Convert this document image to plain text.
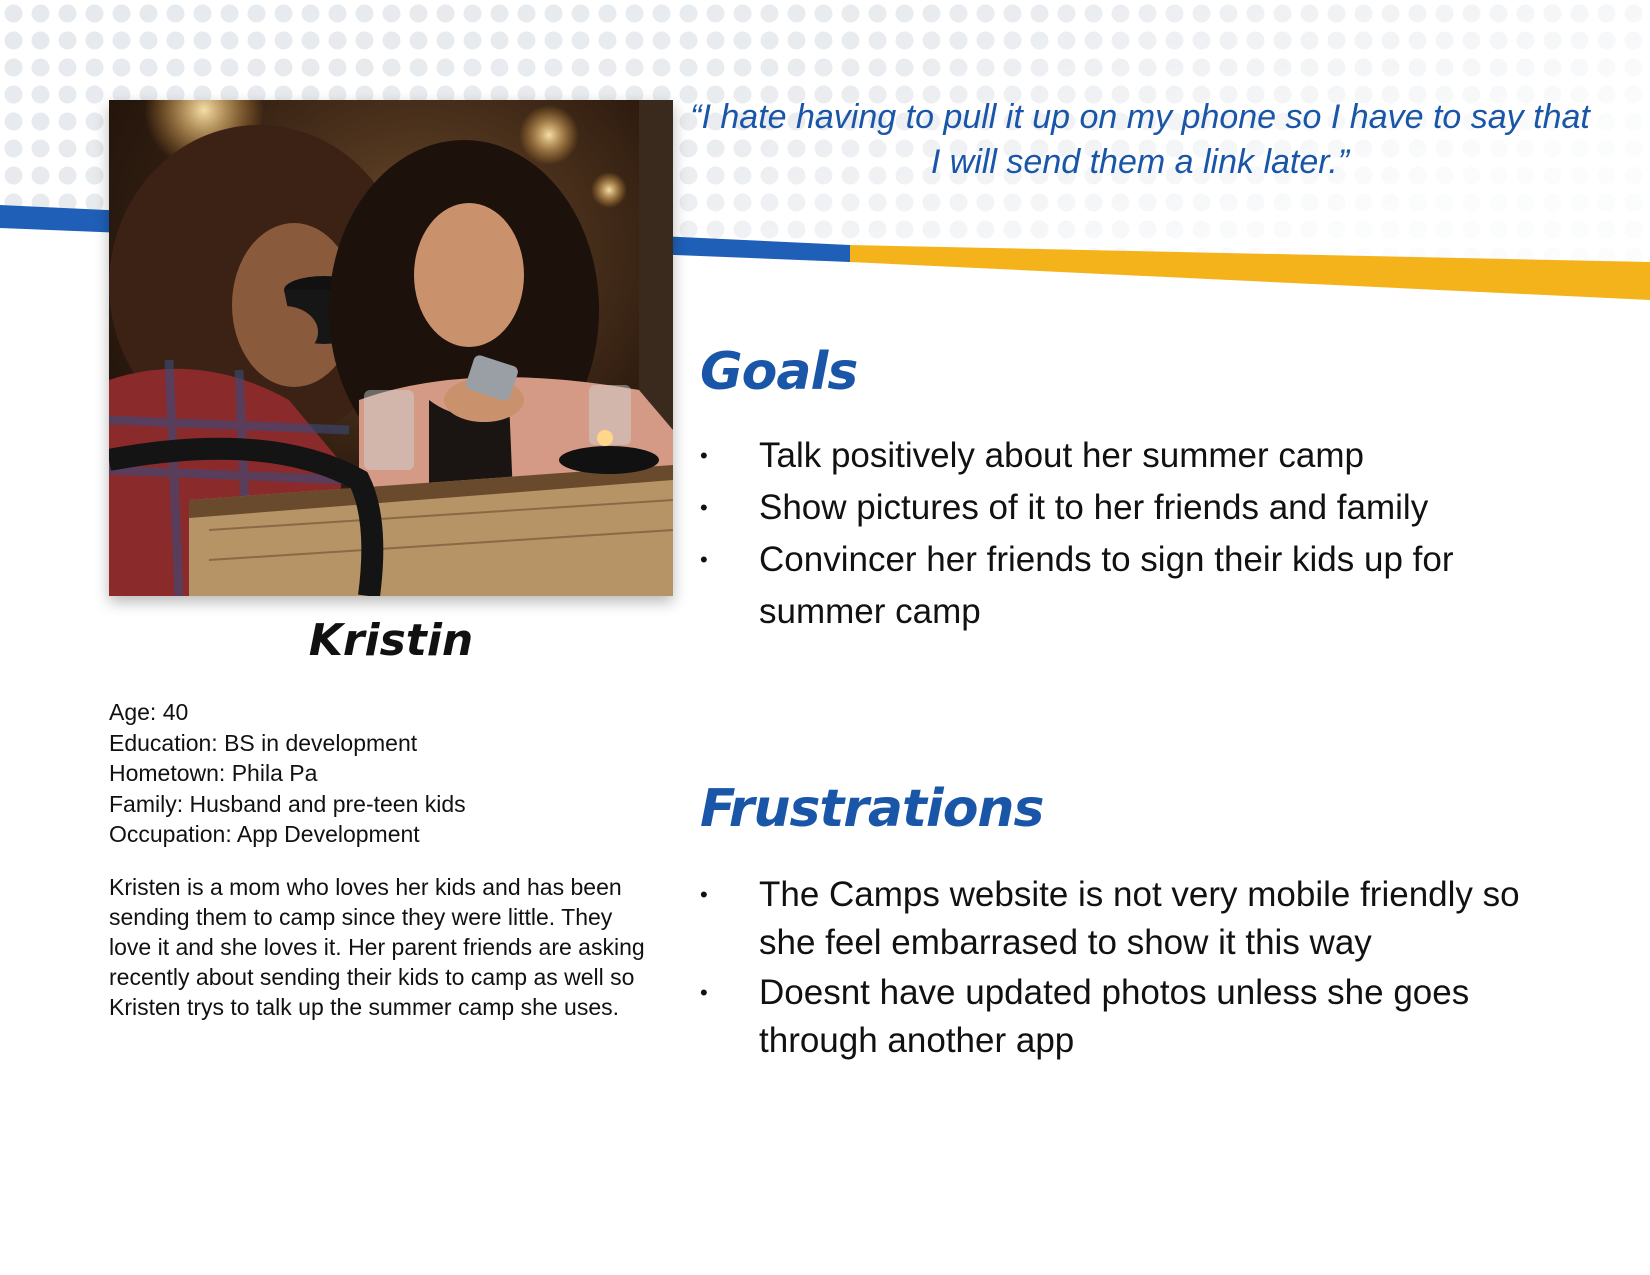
Kristin
Age: 40
Education: BS in development
Hometown: Phila Pa
Family: Husband and pre-teen kids
Occupation: App Development
Kristen is a mom who loves her kids and has been sending them to camp since they were little. They love it and she loves it. Her parent friends are asking recently about sending their kids to camp as well so Kristen trys to talk up the summer camp she uses.
“I hate having to pull it up on my phone so I have to say that I will send them a link later.”
Goals
• Talk positively about her summer camp
• Show pictures of it to her friends and family
• Convincer her friends to sign their kids up for summer camp
Frustrations
• The Camps website is not very mobile friendly so she feel embarrased to show it this way
• Doesnt have updated photos unless she goes through another app
